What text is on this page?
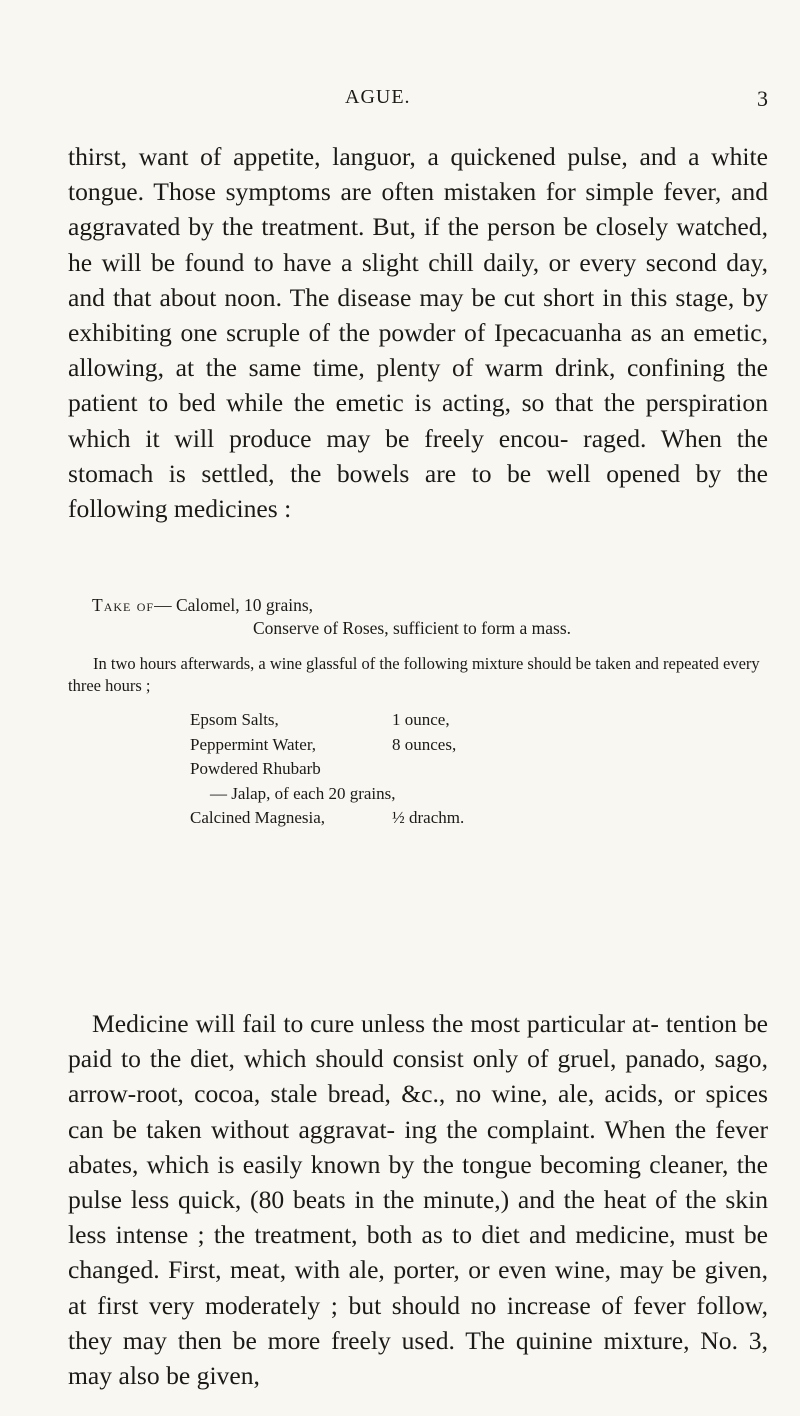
AGUE.	3

thirst, want of appetite, languor, a quickened pulse, and a white tongue. Those symptoms are often mistaken for simple fever, and aggravated by the treatment. But, if the person be closely watched, he will be found to have a slight chill daily, or every second day, and that about noon. The disease may be cut short in this stage, by exhibiting one scruple of the powder of Ipecacuanha as an emetic, allowing, at the same time, plenty of warm drink, confining the patient to bed while the emetic is acting, so that the perspiration which it will produce may be freely encou- raged. When the stomach is settled, the bowels are to be well opened by the following medicines :

Take of— Calomel, 10 grains,
Conserve of Roses, sufficient to form a mass.

In two hours afterwards, a wine glassful of the following mixture should be taken and repeated every three hours ;

Epsom Salts,	1 ounce,
Peppermint Water,	8 ounces,
Powdered Rhubarb
— Jalap, of each 20 grains,
Calcined Magnesia,	½ drachm.

Medicine will fail to cure unless the most particular at- tention be paid to the diet, which should consist only of gruel, panado, sago, arrow-root, cocoa, stale bread, &c., no wine, ale, acids, or spices can be taken without aggravat- ing the complaint. When the fever abates, which is easily known by the tongue becoming cleaner, the pulse less quick, (80 beats in the minute,) and the heat of the skin less intense ; the treatment, both as to diet and medicine, must be changed. First, meat, with ale, porter, or even wine, may be given, at first very moderately ; but should no increase of fever follow, they may then be more freely used. The quinine mixture, No. 3, may also be given,
